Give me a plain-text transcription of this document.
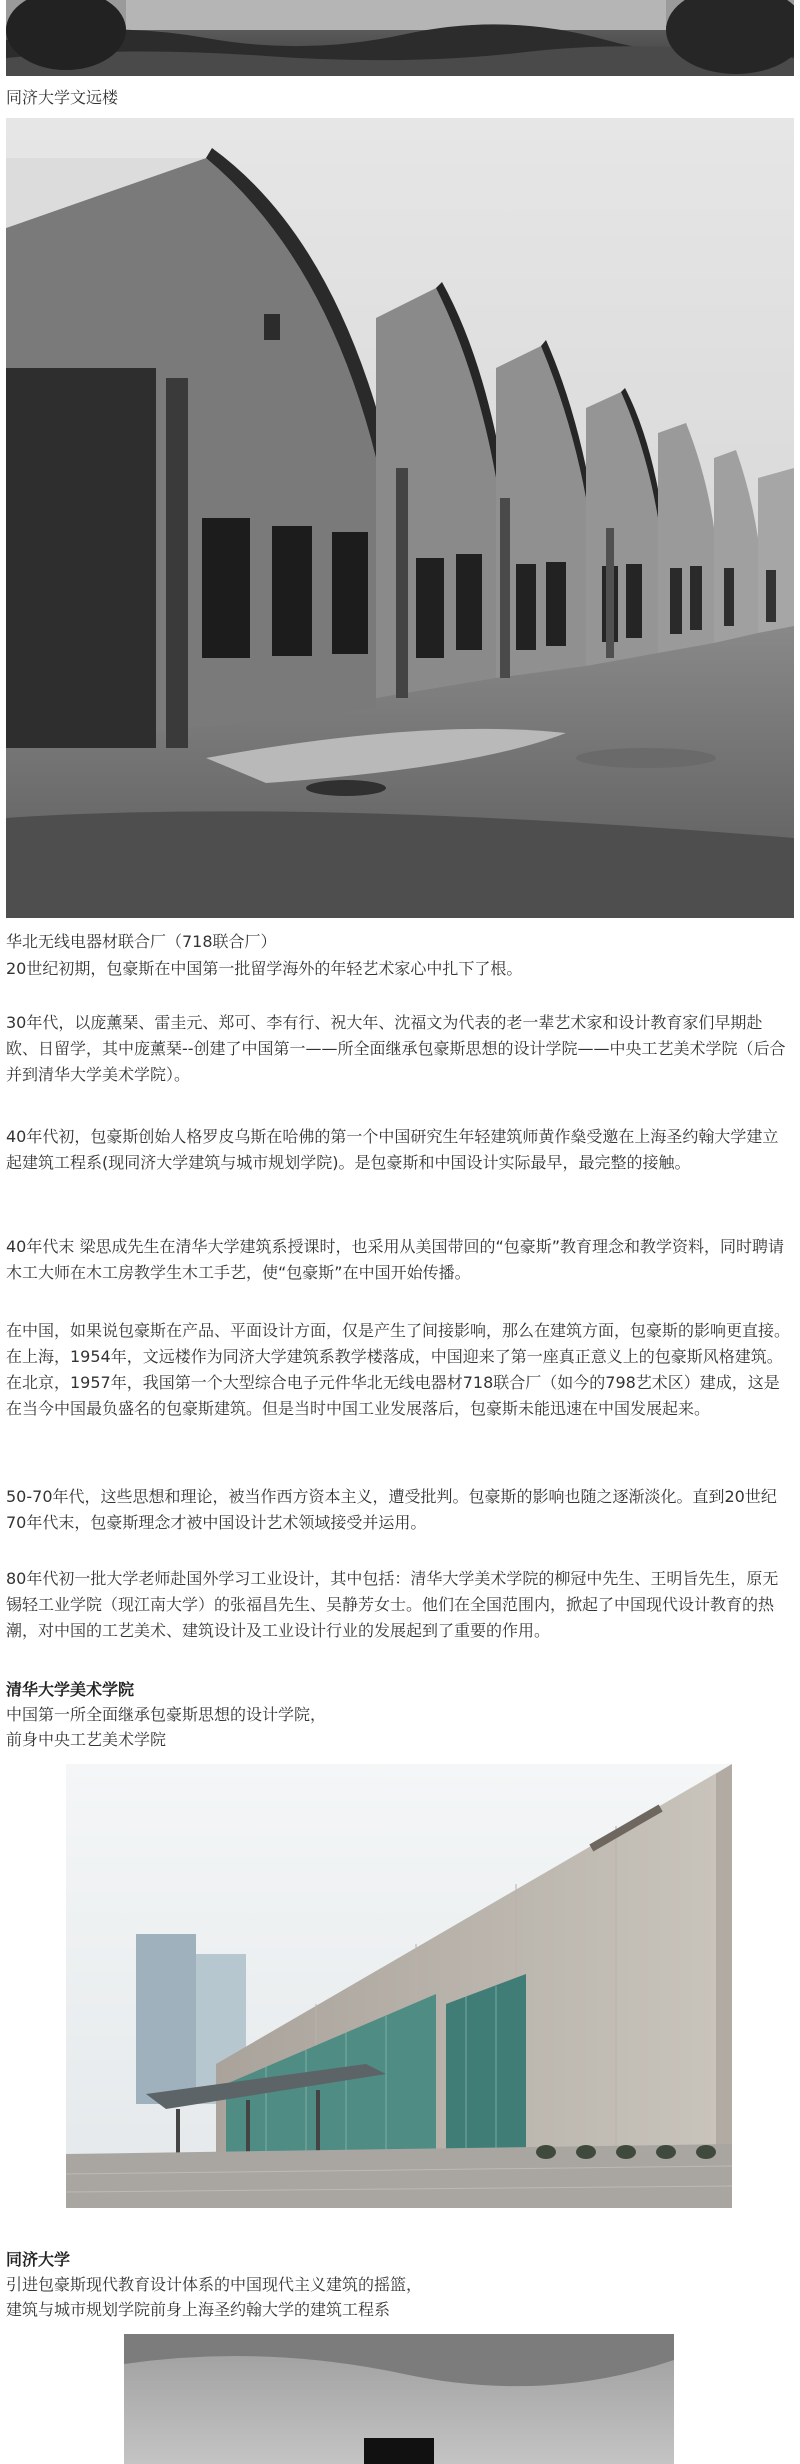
同济大学文远楼
华北无线电器材联合厂（718联合厂）

20世纪初期，包豪斯在中国第一批留学海外的年轻艺术家心中扎下了根。

30年代，以庞薰琹、雷圭元、郑可、李有行、祝大年、沈福文为代表的老一辈艺术家和设计教育家们早期赴欧、日留学，其中庞薰琹--创建了中国第一——所全面继承包豪斯思想的设计学院——中央工艺美术学院（后合并到清华大学美术学院）。

40年代初，包豪斯创始人格罗皮乌斯在哈佛的第一个中国研究生年轻建筑师黄作燊受邀在上海圣约翰大学建立起建筑工程系(现同济大学建筑与城市规划学院)。是包豪斯和中国设计实际最早，最完整的接触。

40年代末 梁思成先生在清华大学建筑系授课时，也采用从美国带回的“包豪斯”教育理念和教学资料，同时聘请木工大师在木工房教学生木工手艺，使“包豪斯”在中国开始传播。

在中国，如果说包豪斯在产品、平面设计方面，仅是产生了间接影响，那么在建筑方面，包豪斯的影响更直接。在上海，1954年，文远楼作为同济大学建筑系教学楼落成，中国迎来了第一座真正意义上的包豪斯风格建筑。在北京，1957年，我国第一个大型综合电子元件华北无线电器材718联合厂（如今的798艺术区）建成，这是在当今中国最负盛名的包豪斯建筑。但是当时中国工业发展落后，包豪斯未能迅速在中国发展起来。

50-70年代，这些思想和理论，被当作西方资本主义，遭受批判。包豪斯的影响也随之逐渐淡化。直到20世纪70年代末，包豪斯理念才被中国设计艺术领域接受并运用。

80年代初一批大学老师赴国外学习工业设计，其中包括：清华大学美术学院的柳冠中先生、王明旨先生，原无锡轻工业学院（现江南大学）的张福昌先生、吴静芳女士。他们在全国范围内，掀起了中国现代设计教育的热潮，对中国的工艺美术、建筑设计及工业设计行业的发展起到了重要的作用。

清华大学美术学院
中国第一所全面继承包豪斯思想的设计学院，
前身中央工艺美术学院
同济大学
引进包豪斯现代教育设计体系的中国现代主义建筑的摇篮，
建筑与城市规划学院前身上海圣约翰大学的建筑工程系
